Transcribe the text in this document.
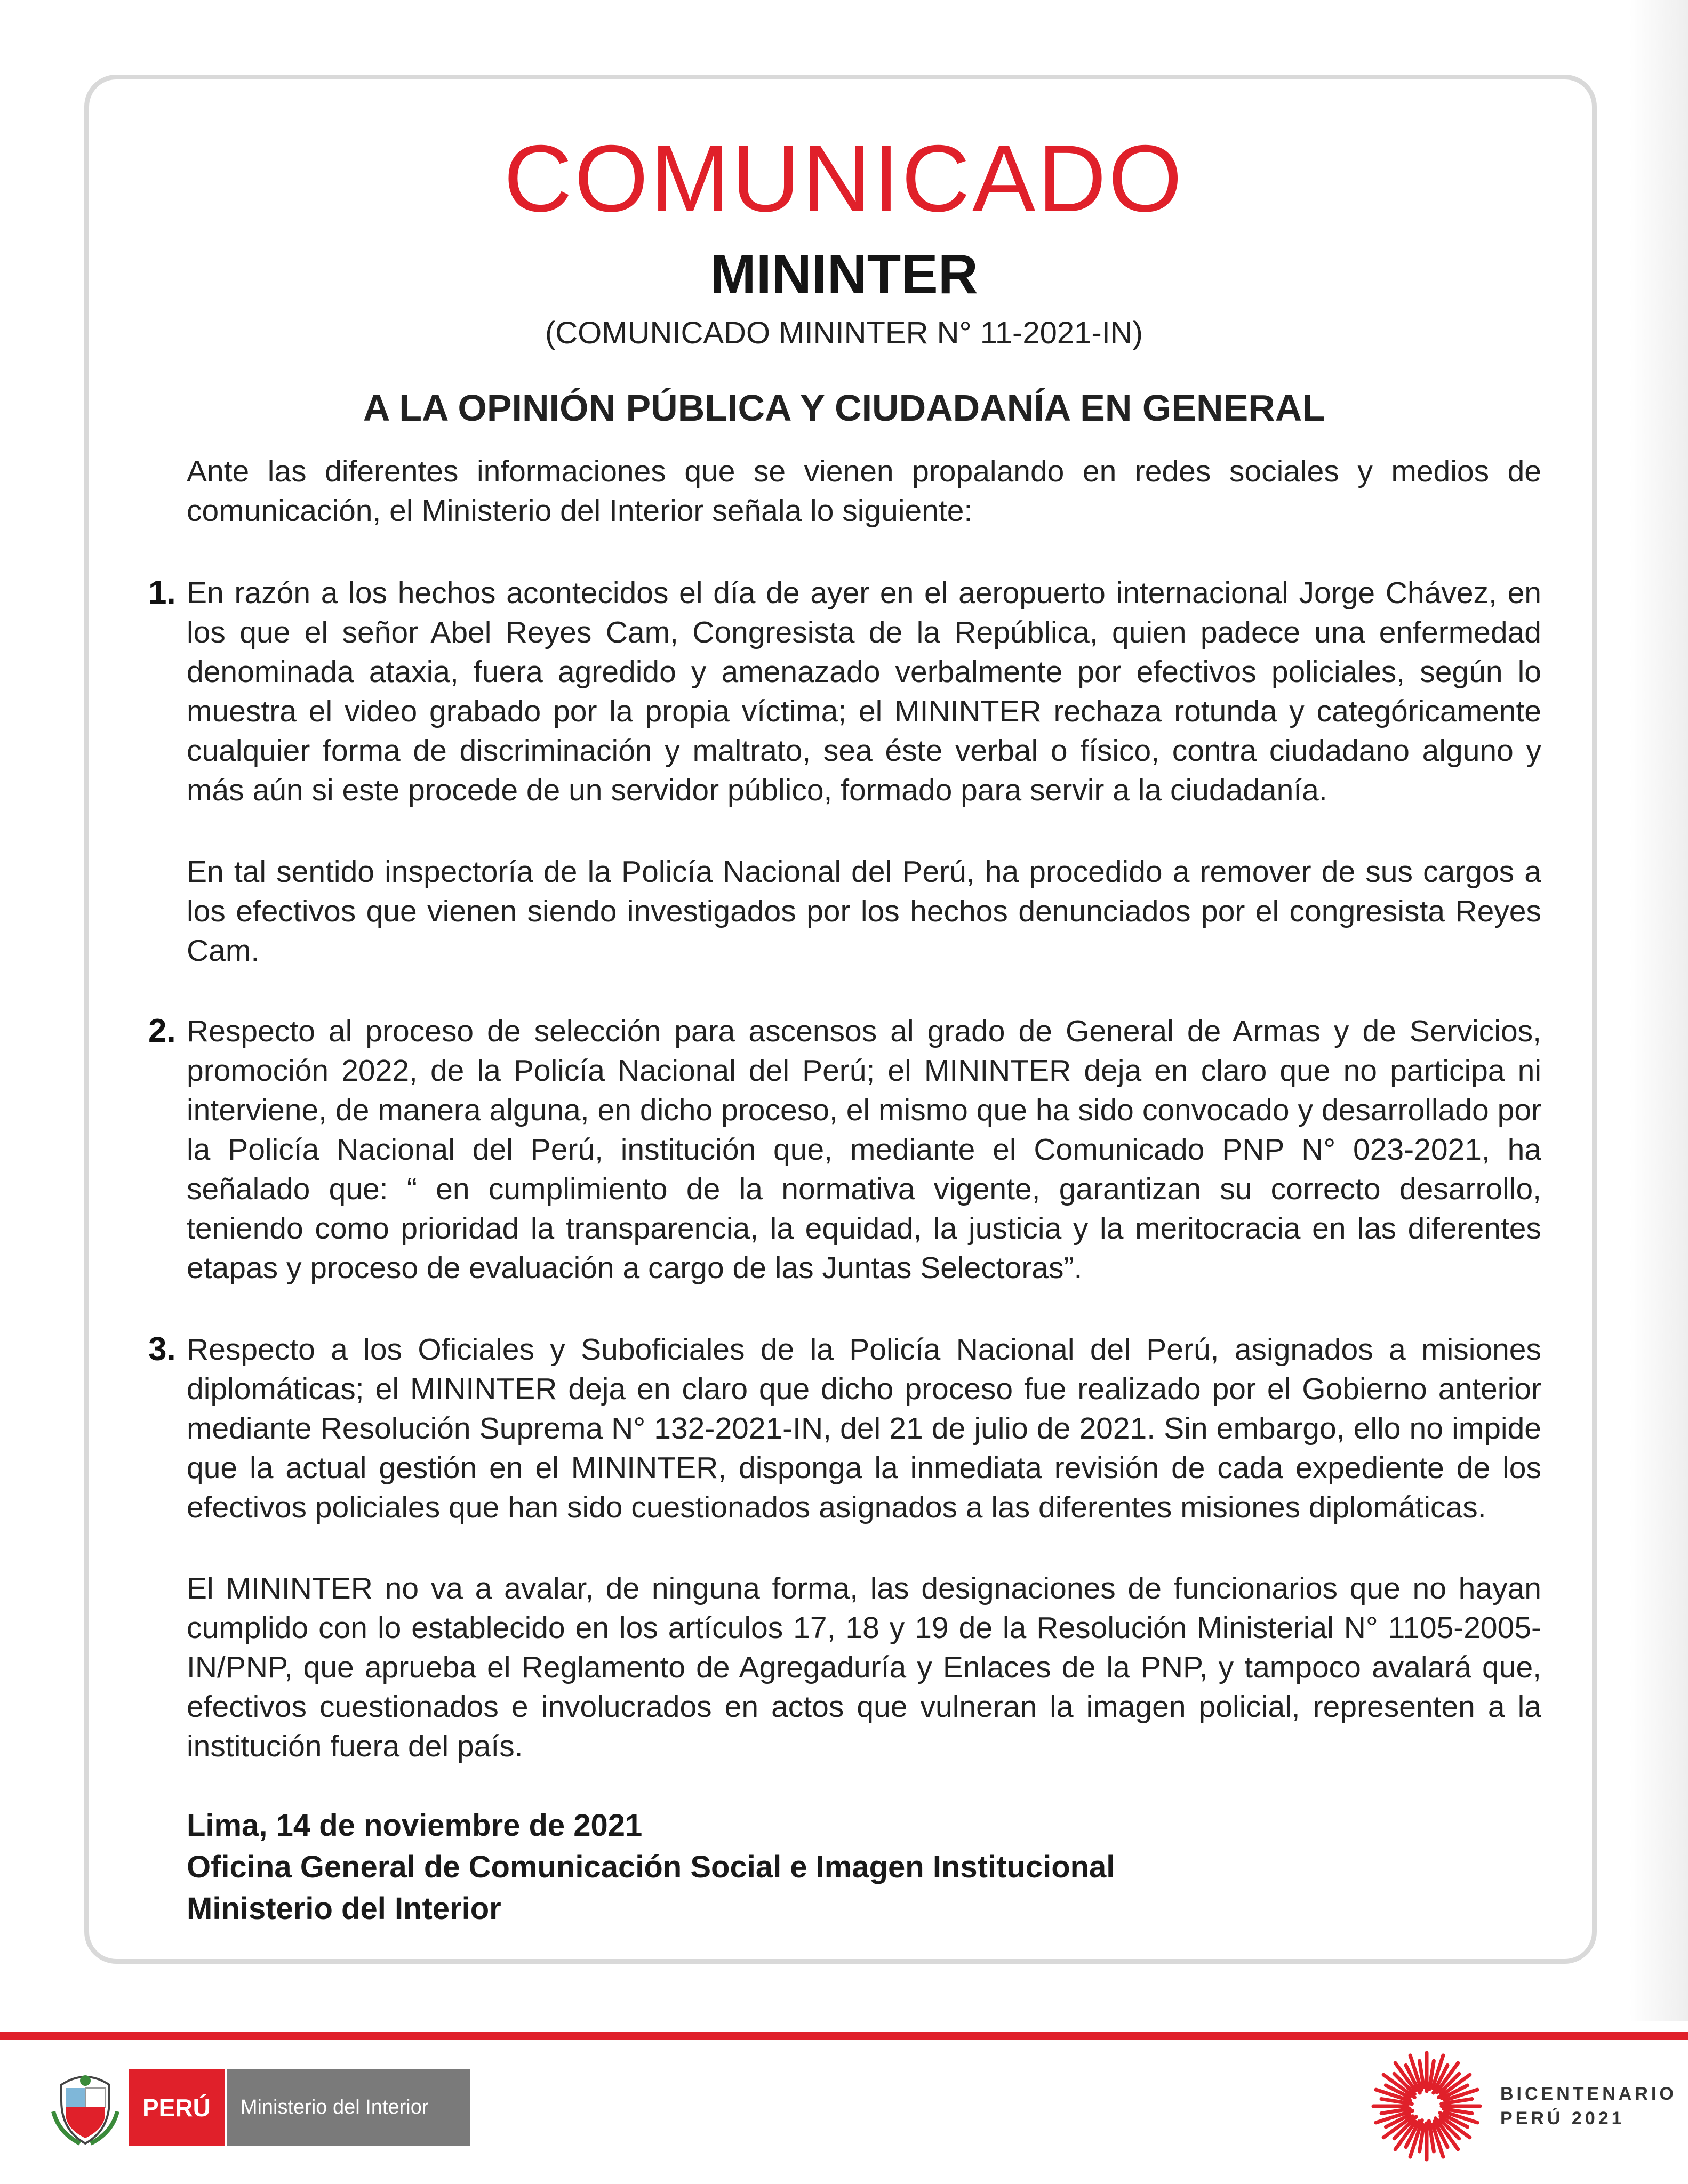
COMUNICADO
MININTER
(COMUNICADO MININTER N° 11-2021-IN)
A LA OPINIÓN PÚBLICA Y CIUDADANÍA EN GENERAL
Ante las diferentes informaciones que se vienen propalando en redes sociales y medios de comunicación, el Ministerio del Interior señala lo siguiente:
1. En razón a los hechos acontecidos el día de ayer en el aeropuerto internacional Jorge Chávez, en los que el señor Abel Reyes Cam, Congresista de la República, quien padece una enfermedad denominada ataxia, fuera agredido y amenazado verbalmente por efectivos policiales, según lo muestra el video grabado por la propia víctima; el MININTER rechaza rotunda y categóricamente cualquier forma de discriminación y maltrato, sea éste verbal o físico, contra ciudadano alguno y más aún si este procede de un servidor público, formado para servir a la ciudadanía.
En tal sentido inspectoría de la Policía Nacional del Perú, ha procedido a remover de sus cargos a los efectivos que vienen siendo investigados por los hechos denunciados por el congresista Reyes Cam.
2. Respecto al proceso de selección para ascensos al grado de General de Armas y de Servicios, promoción 2022, de la Policía Nacional del Perú; el MININTER deja en claro que no participa ni interviene, de manera alguna, en dicho proceso, el mismo que ha sido convocado y desarrollado por la Policía Nacional del Perú, institución que, mediante el Comunicado PNP N° 023-2021, ha señalado que: “ en cumplimiento de la normativa vigente, garantizan su correcto desarrollo, teniendo como prioridad la transparencia, la equidad, la justicia y la meritocracia en las diferentes etapas y proceso de evaluación a cargo de las Juntas Selectoras”.
3. Respecto a los Oficiales y Suboficiales de la Policía Nacional del Perú, asignados a misiones diplomáticas; el MININTER deja en claro que dicho proceso fue realizado por el Gobierno anterior mediante Resolución Suprema N° 132-2021-IN, del 21 de julio de 2021. Sin embargo, ello no impide que la actual gestión en el MININTER, disponga la inmediata revisión de cada expediente de los efectivos policiales que han sido cuestionados asignados a las diferentes misiones diplomáticas.
El MININTER no va a avalar, de ninguna forma, las designaciones de funcionarios que no hayan cumplido con lo establecido en los artículos 17, 18 y 19 de la Resolución Ministerial N° 1105-2005-IN/PNP, que aprueba el Reglamento de Agregaduría y Enlaces de la PNP, y tampoco avalará que, efectivos cuestionados e involucrados en actos que vulneran la imagen policial, representen a la institución fuera del país.
Lima, 14 de noviembre de 2021
Oficina General de Comunicación Social e Imagen Institucional
Ministerio del Interior
PERÚ	Ministerio del Interior
BICENTENARIO
PERÚ 2021
